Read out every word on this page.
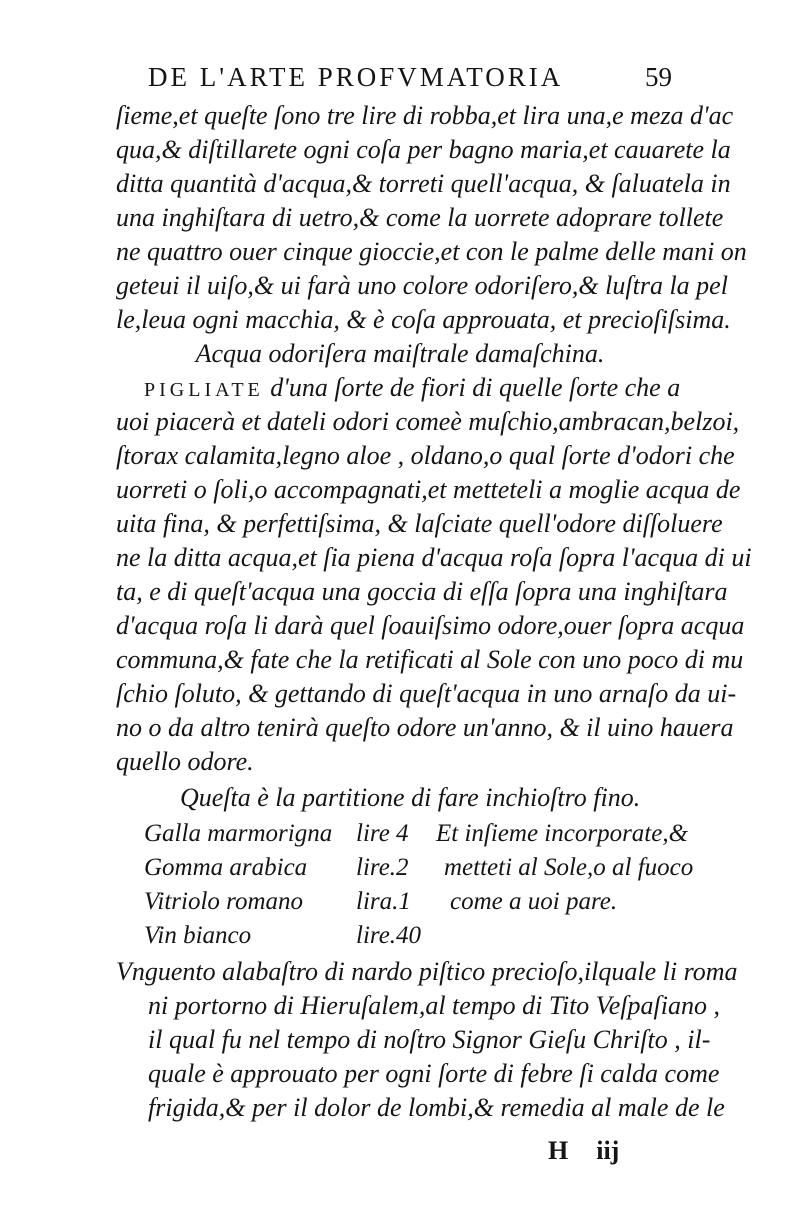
DE L'ARTE PROFVMATORIA	59
ſieme,et queſte ſono tre lire di robba,et lira una,e meza d'ac
qua,& diſtillarete ogni coſa per bagno maria,et cauarete la
ditta quantità d'acqua,& torreti quell'acqua, & ſaluatela in
una inghiſtara di uetro,& come la uorrete adoprare tollete
ne quattro ouer cinque gioccie,et con le palme delle mani on
geteui il uiſo,& ui farà uno colore odoriſero,& luſtra la pel
le,leua ogni macchia, & è coſa approuata, et precioſiſsima.
Acqua odoriſera maiſtrale damaſchina.
PIGLIATE d'una ſorte de fiori di quelle ſorte che a
uoi piacerà et dateli odori comeè muſchio,ambracan,belzoi,
ſtorax calamita,legno aloe , oldano,o qual ſorte d'odori che
uorreti o ſoli,o accompagnati,et metteteli a moglie acqua de
uita fina, & perfettiſsima, & laſciate quell'odore diſſoluere
ne la ditta acqua,et ſia piena d'acqua roſa ſopra l'acqua di ui
ta, e di queſt'acqua una goccia di eſſa ſopra una inghiſtara
d'acqua roſa li darà quel ſoauiſsimo odore,ouer ſopra acqua
communa,& fate che la retificati al Sole con uno poco di mu
ſchio ſoluto, & gettando di queſt'acqua in uno arnaſo da ui-
no o da altro tenirà queſto odore un'anno, & il uino hauera
quello odore.
Queſta è la partitione di fare inchioſtro fino.
Galla marmorigna lire 4 Et inſieme incorporate,&
Gomma arabica lire.2 metteti al Sole,o al fuoco
Vitriolo romano lira.1 come a uoi pare.
Vin bianco	lire.40
Vnguento alabaſtro di nardo piſtico precioſo,ilquale li roma
ni portorno di Hieruſalem,al tempo di Tito Veſpaſiano ,
il qual fu nel tempo di noſtro Signor Gieſu Chriſto , il-
quale è approuato per ogni ſorte di febre ſi calda come
frigida,& per il dolor de lombi,& remedia al male de le
H iij
